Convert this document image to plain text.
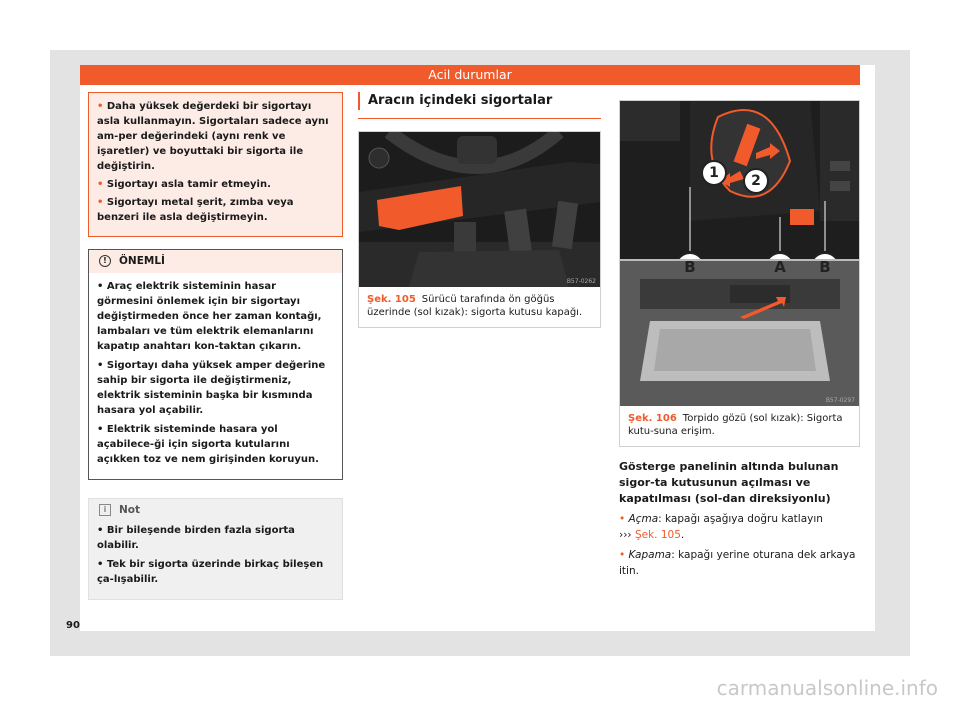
Acil durumlar

• Daha yüksek değerdeki bir sigortayı asla kullanmayın. Sigortaları sadece aynı am-per değerindeki (aynı renk ve işaretler) ve boyuttaki bir sigorta ile değiştirin.

• Sigortayı asla tamir etmeyin.

• Sigortayı metal şerit, zımba veya benzeri ile asla değiştirmeyin.

! ÖNEMLİ

• Araç elektrik sisteminin hasar görmesini önlemek için bir sigortayı değiştirmeden önce her zaman kontağı, lambaları ve tüm elektrik elemanlarını kapatıp anahtarı kon-taktan çıkarın.

• Sigortayı daha yüksek amper değerine sahip bir sigorta ile değiştirmeniz, elektrik sisteminin başka bir kısmında hasara yol açabilir.

• Elektrik sisteminde hasara yol açabilece-ği için sigorta kutularını açıkken toz ve nem girişinden koruyun.

i Not

• Bir bileşende birden fazla sigorta olabilir.

• Tek bir sigorta üzerinde birkaç bileşen ça-lışabilir.

Aracın içindeki sigortalar
B57-0262
Şek. 105 Sürücü tarafında ön göğüs üzerinde (sol kızak): sigorta kutusu kapağı.
1 2
B	A B
B57-0297
Şek. 106 Torpido gözü (sol kızak): Sigorta kutu-suna erişim.
Gösterge panelinin altında bulunan sigor-ta kutusunun açılması ve kapatılması (sol-dan direksiyonlu)
• Açma: kapağı aşağıya doğru katlayın
››› Şek. 105.
• Kapama: kapağı yerine oturana dek arkaya itin.
90
carmanualsonline.info
